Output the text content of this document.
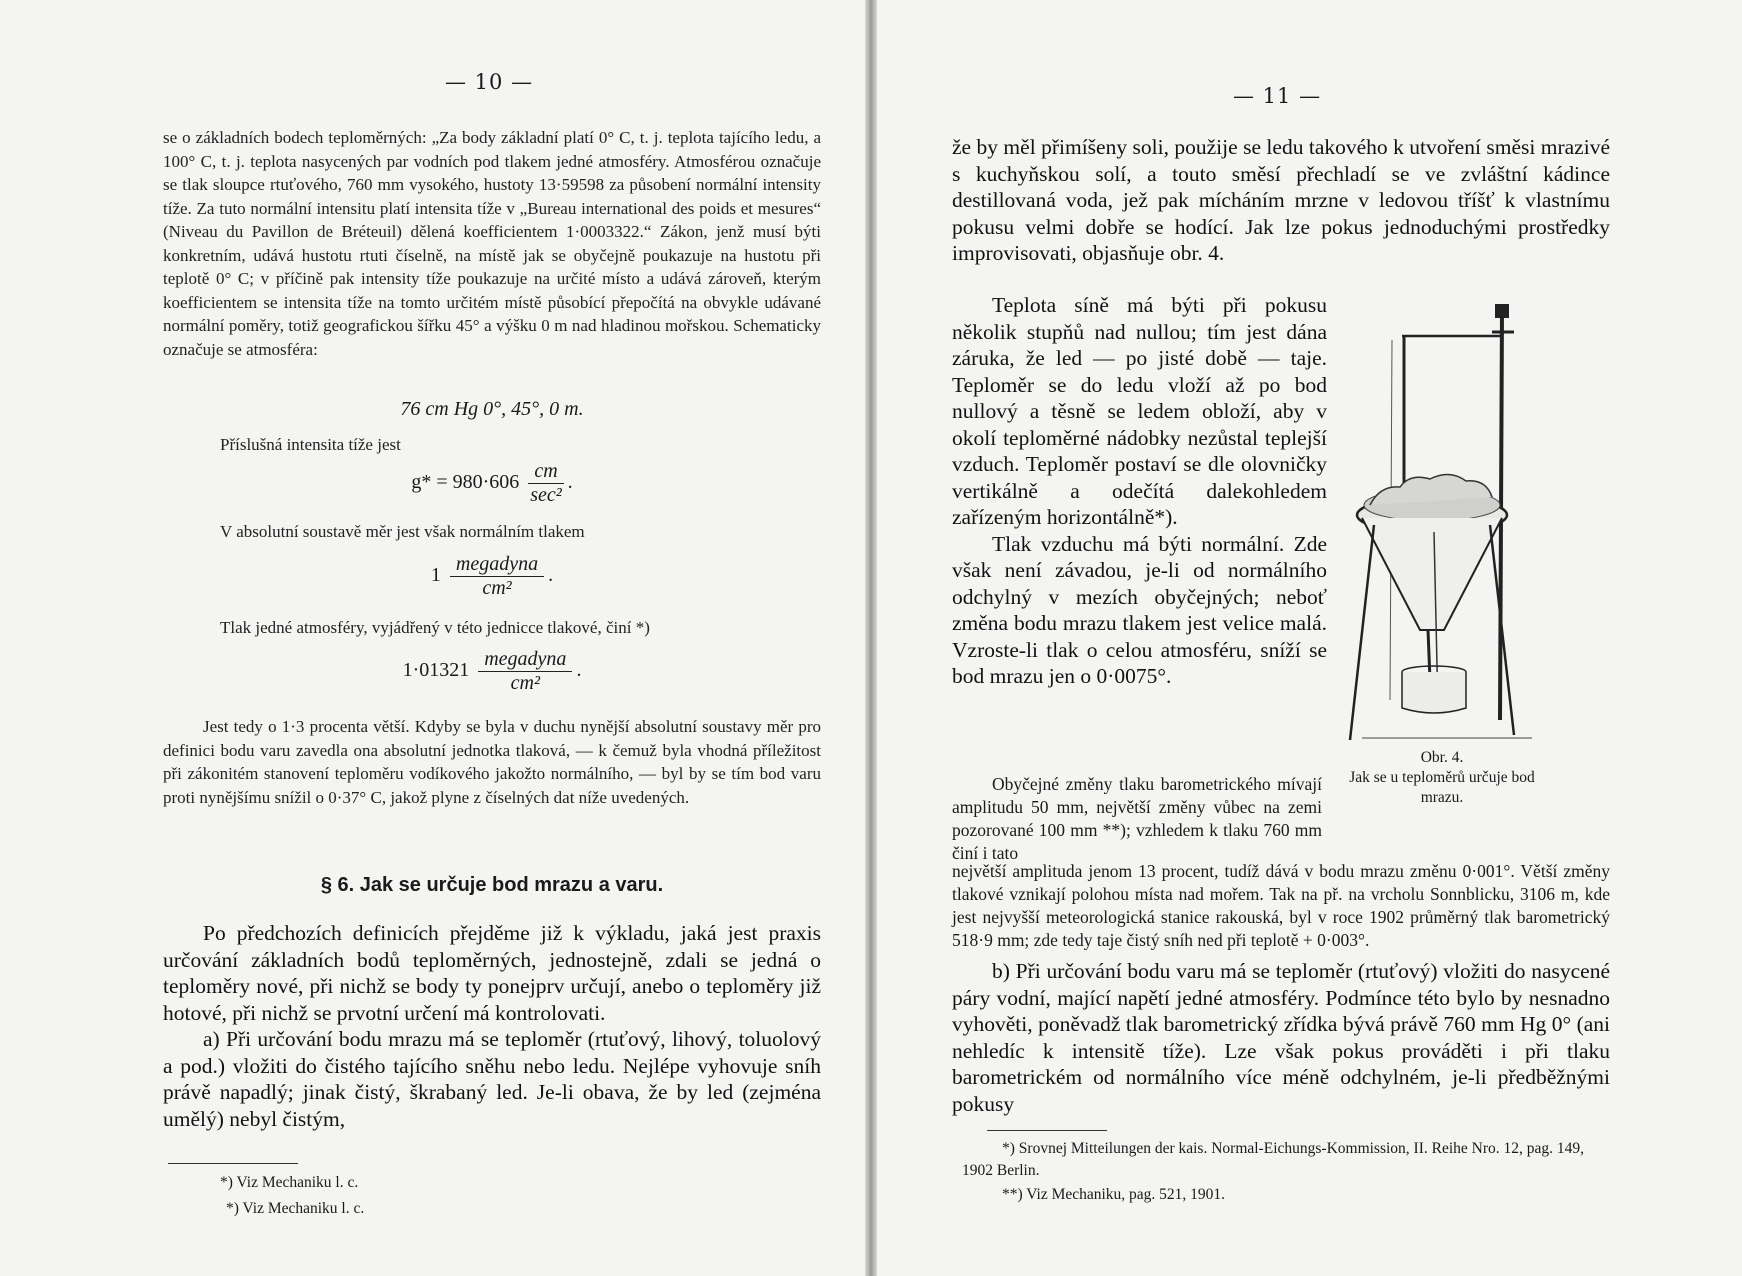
— 10 —

se o základních bodech teploměrných: „Za body základní platí 0° C, t. j. teplota tajícího ledu, a 100° C, t. j. teplota nasycených par vodních pod tlakem jedné atmosféry. Atmosférou označuje se tlak sloupce rtuťového, 760 mm vysokého, hustoty 13·59598 za působení normální intensity tíže. Za tuto normální intensitu platí intensita tíže v „Bureau international des poids et mesures“ (Niveau du Pavillon de Bréteuil) dělená koefficientem 1·0003322.“ Zákon, jenž musí býti konkretním, udává hustotu rtuti číselně, na místě jak se obyčejně poukazuje na hustotu při teplotě 0° C; v příčině pak intensity tíže poukazuje na určité místo a udává zároveň, kterým koefficientem se intensita tíže na tomto určitém místě působící přepočítá na obvykle udávané normální poměry, totiž geografickou šířku 45° a výšku 0 m nad hladinou mořskou. Schematicky označuje se atmosféra:

76 cm Hg 0°, 45°, 0 m.
Příslušná intensita tíže jest
$g* = 980\cdot 606 \frac{cm}{\text{sec²}}$ .
V absolutní soustavě měr jest však normálním tlakem
$1 \frac{\text{megadyna}}{\text{cm²}}$ .
Tlak jedné atmosféry, vyjádřený v této jednicce tlakové, činí *)
$1\cdot 01321 \frac{\text{megadyna}}{\text{cm²}}$ .

Jest tedy o 1·3 procenta větší. Kdyby se byla v duchu nynější absolutní soustavy měr pro definici bodu varu zavedla ona absolutní jednotka tlaková, — k čemuž byla vhodná příležitost při zákonitém stanovení teploměru vodíkového jakožto normálního, — byl by se tím bod varu proti nynějšímu snížil o 0·37° C, jakož plyne z číselných dat níže uvedených.

§ 6. Jak se určuje bod mrazu a varu.

Po předchozích definicích přejděme již k výkladu, jaká jest praxis určování základních bodů teploměrných, jednostejně, zdali se jedná o teploměry nové, při nichž se body ty ponejprv určují, anebo o teploměry již hotové, při nichž se prvotní určení má kontrolovati.

a) Při určování bodu mrazu má se teploměr (rtuťový, lihový, toluolový a pod.) vložiti do čistého tajícího sněhu nebo ledu. Nejlépe vyhovuje sníh právě napadlý; jinak čistý, škrabaný led. Je-li obava, že by led (zejména umělý) nebyl čistým,

*) Viz Mechaniku l. c.
*) Viz Mechaniku l. c.
— 11 —

že by měl přimíšeny soli, použije se ledu takového k utvoření směsi mrazivé s kuchyňskou solí, a touto směsí přechladí se ve zvláštní kádince destillovaná voda, jež pak mícháním mrzne v ledovou tříšť k vlastnímu pokusu velmi dobře se hodící. Jak lze pokus jednoduchými prostředky improvisovati, objasňuje obr. 4.

Teplota síně má býti při pokusu několik stupňů nad nullou; tím jest dána záruka, že led — po jisté době — taje. Teploměr se do ledu vloží až po bod nullový a těsně se ledem obloží, aby v okolí teploměrné nádobky nezůstal teplejší vzduch. Teploměr postaví se dle olovničky vertikálně a odečítá dalekohledem zařízeným horizontálně*).

Tlak vzduchu má býti normální. Zde však není závadou, je-li od normálního odchylný v mezích obyčejných; neboť změna bodu mrazu tlakem jest velice malá. Vzroste-li tlak o celou atmosféru, sníží se bod mrazu jen o 0·0075°.

Obr. 4.
Jak se u teploměrů určuje bod mrazu.

Obyčejné změny tlaku barometrického mívají amplitudu 50 mm, největší změny vůbec na zemi pozorované 100 mm **); vzhledem k tlaku 760 mm činí i tato

největší amplituda jenom 13 procent, tudíž dává v bodu mrazu změnu 0·001°. Větší změny tlakové vznikají polohou místa nad mořem. Tak na př. na vrcholu Sonnblicku, 3106 m, kde jest nejvyšší meteorologická stanice rakouská, byl v roce 1902 průměrný tlak barometrický 518·9 mm; zde tedy taje čistý sníh ned při teplotě + 0·003°.

b) Při určování bodu varu má se teploměr (rtuťový) vložiti do nasycené páry vodní, mající napětí jedné atmosféry. Podmínce této bylo by nesnadno vyhověti, poněvadž tlak barometrický zřídka bývá právě 760 mm Hg 0° (ani nehledíc k intensitě tíže). Lze však pokus prováděti i při tlaku barometrickém od normálního více méně odchylném, je-li předběžnými pokusy

*) Srovnej Mitteilungen der kais. Normal-Eichungs-Kommission, II. Reihe Nro. 12, pag. 149, 1902 Berlin.
**) Viz Mechaniku, pag. 521, 1901.
